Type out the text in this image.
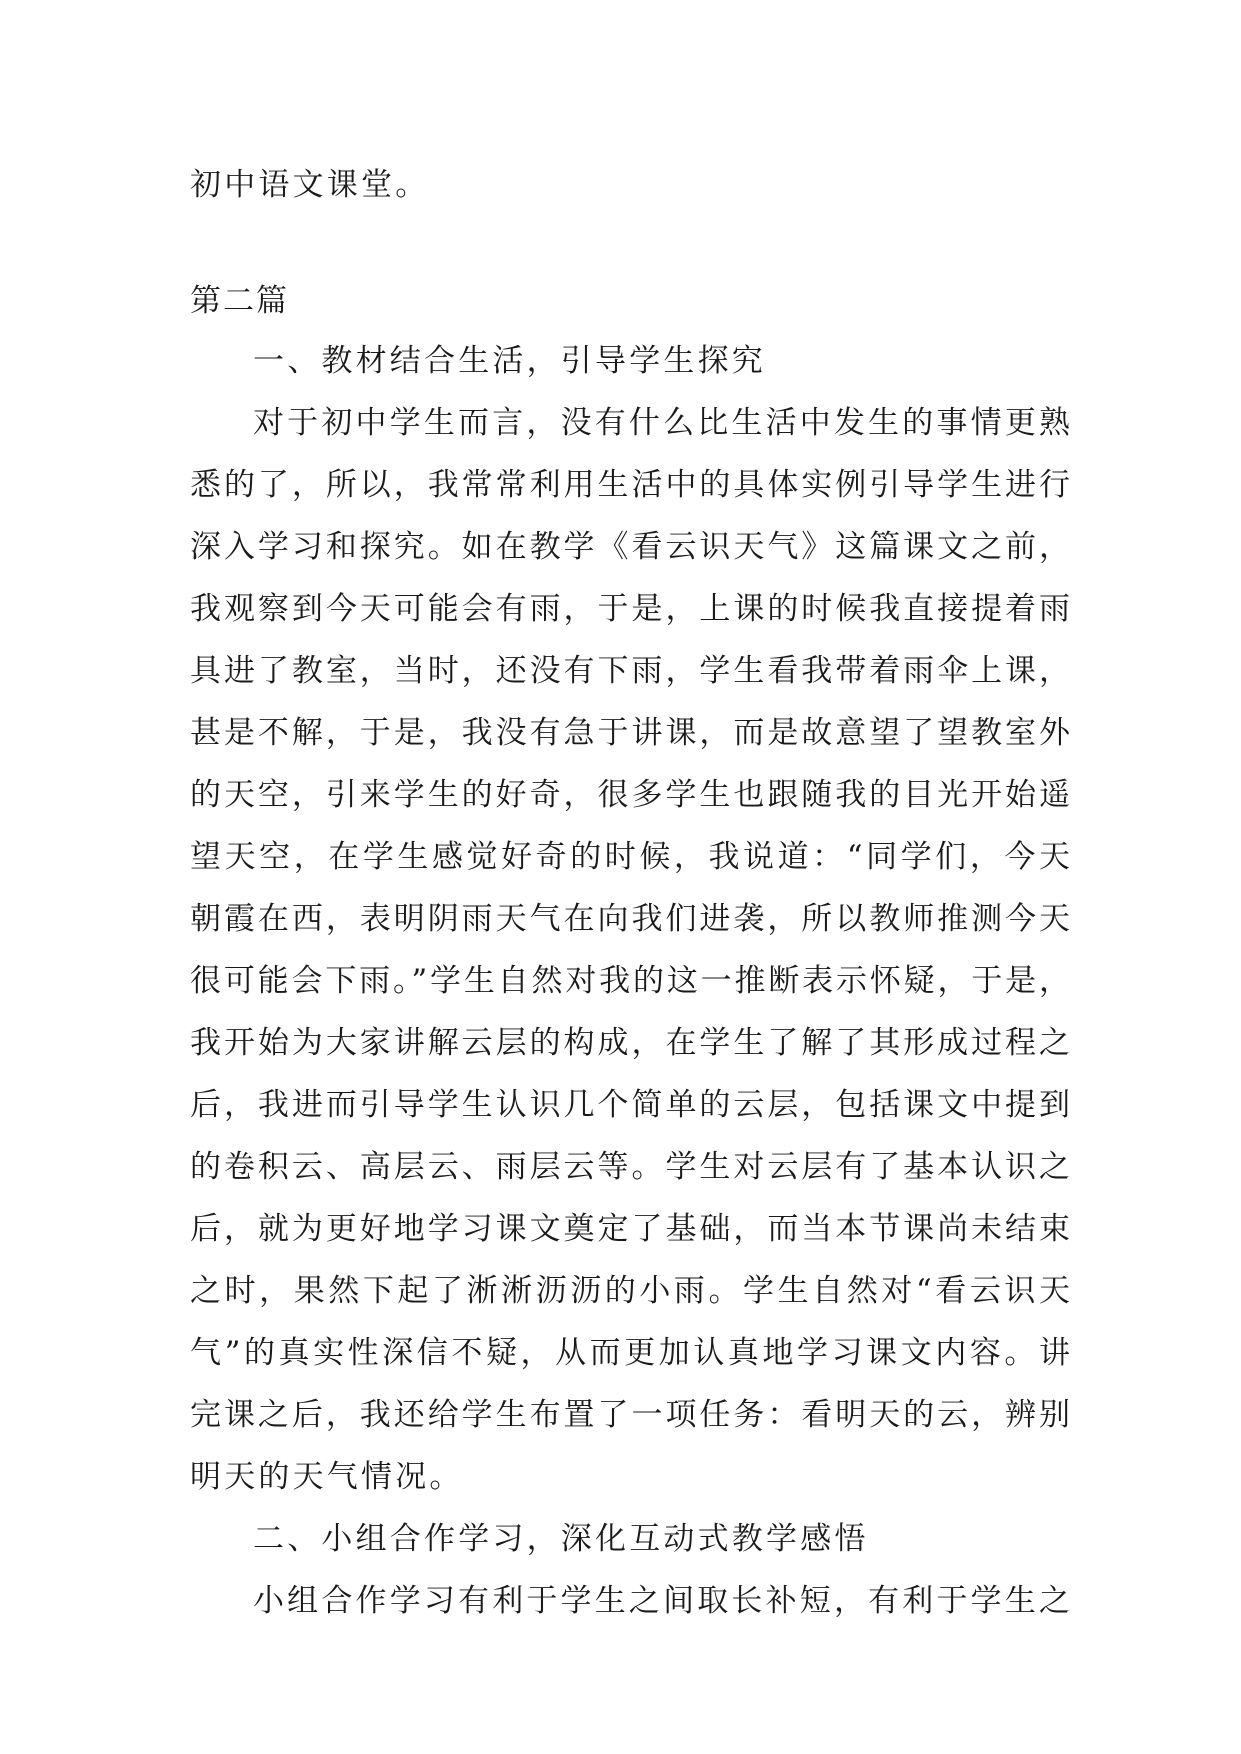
初中语文课堂。
第二篇
一、教材结合生活，引导学生探究
对于初中学生而言，没有什么比生活中发生的事情更熟
悉的了，所以，我常常利用生活中的具体实例引导学生进行
深入学习和探究。如在教学《看云识天气》这篇课文之前，
我观察到今天可能会有雨，于是，上课的时候我直接提着雨
具进了教室，当时，还没有下雨，学生看我带着雨伞上课，
甚是不解，于是，我没有急于讲课，而是故意望了望教室外
的天空，引来学生的好奇，很多学生也跟随我的目光开始遥
望天空，在学生感觉好奇的时候，我说道：“同学们，今天
朝霞在西，表明阴雨天气在向我们进袭，所以教师推测今天
很可能会下雨。”学生自然对我的这一推断表示怀疑，于是，
我开始为大家讲解云层的构成，在学生了解了其形成过程之
后，我进而引导学生认识几个简单的云层，包括课文中提到
的卷积云、高层云、雨层云等。学生对云层有了基本认识之
后，就为更好地学习课文奠定了基础，而当本节课尚未结束
之时，果然下起了淅淅沥沥的小雨。学生自然对“看云识天
气”的真实性深信不疑，从而更加认真地学习课文内容。讲
完课之后，我还给学生布置了一项任务：看明天的云，辨别
明天的天气情况。
二、小组合作学习，深化互动式教学感悟
小组合作学习有利于学生之间取长补短，有利于学生之
